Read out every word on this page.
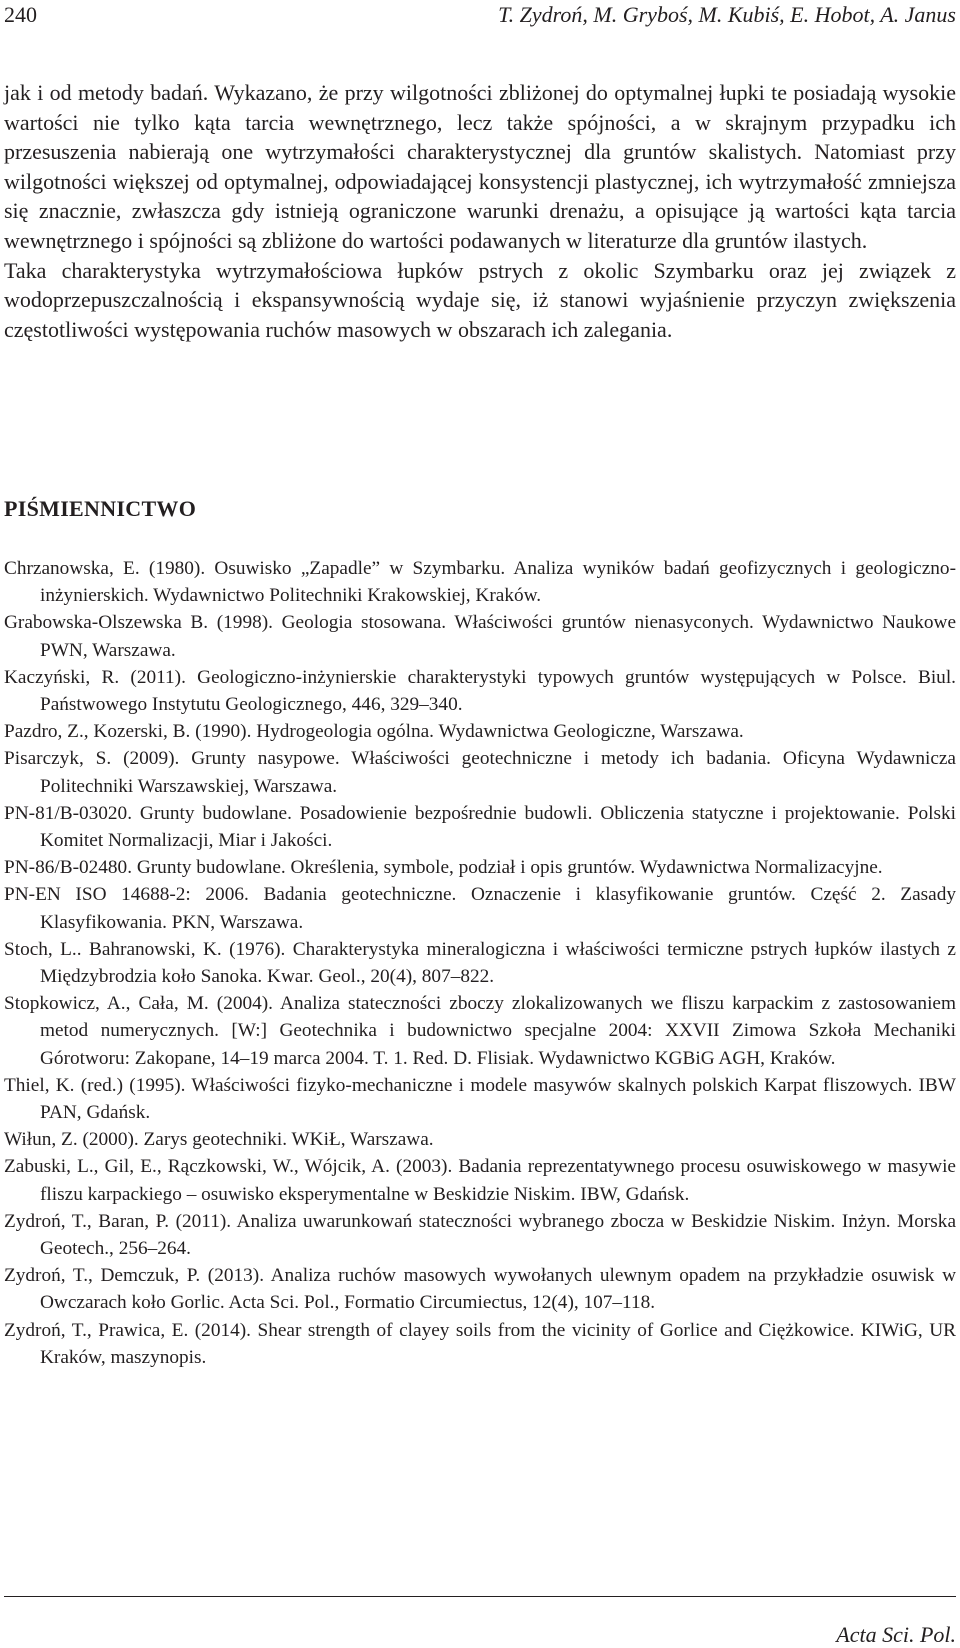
240	T. Zydroń, M. Gryboś, M. Kubiś, E. Hobot, A. Janus

jak i od metody badań. Wykazano, że przy wilgotności zbliżonej do optymalnej łupki te posiadają wysokie wartości nie tylko kąta tarcia wewnętrznego, lecz także spójności, a w skrajnym przypadku ich przesuszenia nabierają one wytrzymałości charakterystycznej dla gruntów skalistych. Natomiast przy wilgotności większej od optymalnej, odpowiadającej konsystencji plastycznej, ich wytrzymałość zmniejsza się znacznie, zwłaszcza gdy istnieją ograniczone warunki drenażu, a opisujące ją wartości kąta tarcia wewnętrznego i spójności są zbliżone do wartości podawanych w literaturze dla gruntów ilastych.

Taka charakterystyka wytrzymałościowa łupków pstrych z okolic Szymbarku oraz jej związek z wodoprzepuszczalnością i ekspansywnością wydaje się, iż stanowi wyjaśnienie przyczyn zwiększenia częstotliwości występowania ruchów masowych w obszarach ich zalegania.

PIŚMIENNICTWO
Chrzanowska, E. (1980). Osuwisko „Zapadle” w Szymbarku. Analiza wyników badań geofizycznych i geologiczno-inżynierskich. Wydawnictwo Politechniki Krakowskiej, Kraków.
Grabowska-Olszewska B. (1998). Geologia stosowana. Właściwości gruntów nienasyconych. Wydawnictwo Naukowe PWN, Warszawa.
Kaczyński, R. (2011). Geologiczno-inżynierskie charakterystyki typowych gruntów występujących w Polsce. Biul. Państwowego Instytutu Geologicznego, 446, 329–340.
Pazdro, Z., Kozerski, B. (1990). Hydrogeologia ogólna. Wydawnictwa Geologiczne, Warszawa.
Pisarczyk, S. (2009). Grunty nasypowe. Właściwości geotechniczne i metody ich badania. Oficyna Wydawnicza Politechniki Warszawskiej, Warszawa.
PN-81/B-03020. Grunty budowlane. Posadowienie bezpośrednie budowli. Obliczenia statyczne i projektowanie. Polski Komitet Normalizacji, Miar i Jakości.
PN-86/B-02480. Grunty budowlane. Określenia, symbole, podział i opis gruntów. Wydawnictwa Normalizacyjne.
PN-EN ISO 14688-2: 2006. Badania geotechniczne. Oznaczenie i klasyfikowanie gruntów. Część 2. Zasady Klasyfikowania. PKN, Warszawa.
Stoch, L.. Bahranowski, K. (1976). Charakterystyka mineralogiczna i właściwości termiczne pstrych łupków ilastych z Międzybrodzia koło Sanoka. Kwar. Geol., 20(4), 807–822.
Stopkowicz, A., Cała, M. (2004). Analiza stateczności zboczy zlokalizowanych we fliszu karpackim z zastosowaniem metod numerycznych. [W:] Geotechnika i budownictwo specjalne 2004: XXVII Zimowa Szkoła Mechaniki Górotworu: Zakopane, 14–19 marca 2004. T. 1. Red. D. Flisiak. Wydawnictwo KGBiG AGH, Kraków.
Thiel, K. (red.) (1995). Właściwości fizyko-mechaniczne i modele masywów skalnych polskich Karpat fliszowych. IBW PAN, Gdańsk.
Wiłun, Z. (2000). Zarys geotechniki. WKiŁ, Warszawa.
Zabuski, L., Gil, E., Rączkowski, W., Wójcik, A. (2003). Badania reprezentatywnego procesu osuwiskowego w masywie fliszu karpackiego – osuwisko eksperymentalne w Beskidzie Niskim. IBW, Gdańsk.
Zydroń, T., Baran, P. (2011). Analiza uwarunkowań stateczności wybranego zbocza w Beskidzie Niskim. Inżyn. Morska Geotech., 256–264.
Zydroń, T., Demczuk, P. (2013). Analiza ruchów masowych wywołanych ulewnym opadem na przykładzie osuwisk w Owczarach koło Gorlic. Acta Sci. Pol., Formatio Circumiectus, 12(4), 107–118.
Zydroń, T., Prawica, E. (2014). Shear strength of clayey soils from the vicinity of Gorlice and Ciężkowice. KIWiG, UR Kraków, maszynopis.
Acta Sci. Pol.
